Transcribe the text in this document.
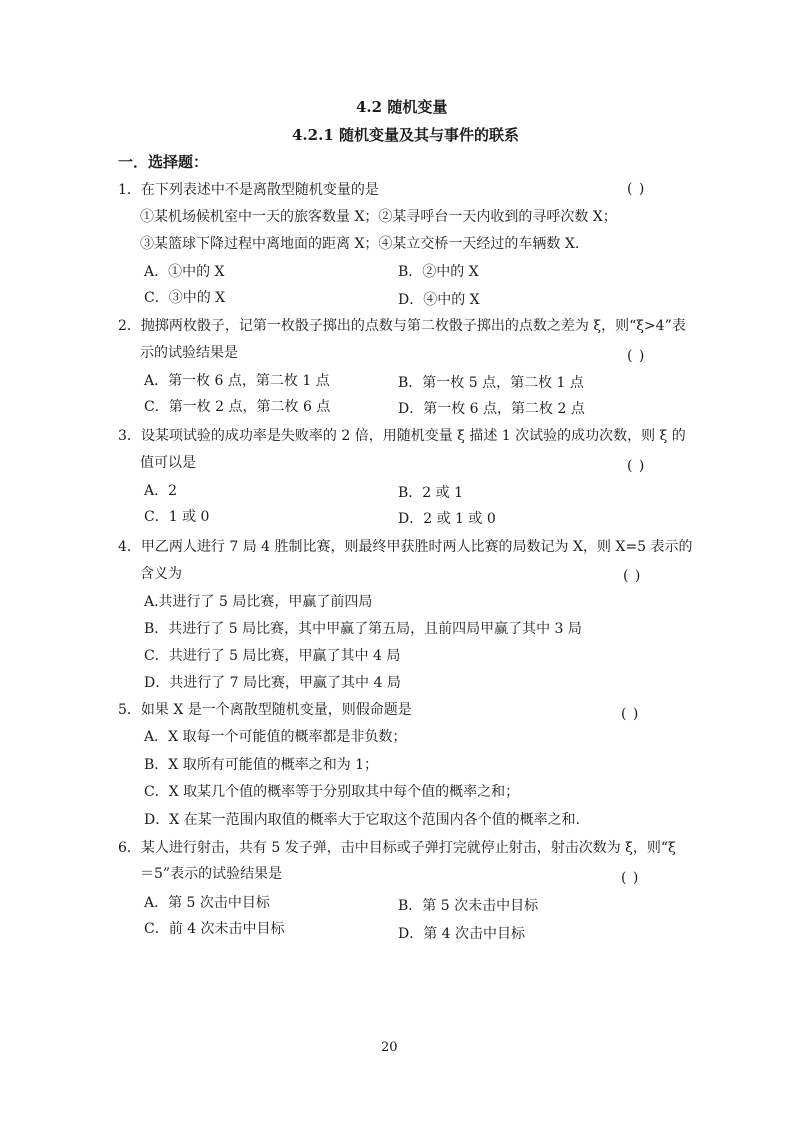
4.2 随机变量
4.2.1 随机变量及其与事件的联系
一．选择题：
1．在下列表述中不是离散型随机变量的是	( )
①某机场候机室中一天的旅客数量 X；②某寻呼台一天内收到的寻呼次数 X；
③某篮球下降过程中离地面的距离 X；④某立交桥一天经过的车辆数 X.
A．①中的 X	B．②中的 X
C．③中的 X	D．④中的 X
2．抛掷两枚骰子，记第一枚骰子掷出的点数与第二枚骰子掷出的点数之差为 ξ，则“ξ>4”表
示的试验结果是	( )
A．第一枚 6 点，第二枚 1 点	B．第一枚 5 点，第二枚 1 点
C．第一枚 2 点，第二枚 6 点	D．第一枚 6 点，第二枚 2 点
3．设某项试验的成功率是失败率的 2 倍，用随机变量 ξ 描述 1 次试验的成功次数，则 ξ 的
值可以是	( )
A．2	B．2 或 1
C．1 或 0	D．2 或 1 或 0
4．甲乙两人进行 7 局 4 胜制比赛，则最终甲获胜时两人比赛的局数记为 X，则 X=5 表示的
含义为	( )
A.共进行了 5 局比赛，甲赢了前四局
B．共进行了 5 局比赛，其中甲赢了第五局，且前四局甲赢了其中 3 局
C．共进行了 5 局比赛，甲赢了其中 4 局
D．共进行了 7 局比赛，甲赢了其中 4 局
5．如果 X 是一个离散型随机变量，则假命题是	( )
A．X 取每一个可能值的概率都是非负数；
B．X 取所有可能值的概率之和为 1；
C．X 取某几个值的概率等于分别取其中每个值的概率之和；
D．X 在某一范围内取值的概率大于它取这个范围内各个值的概率之和.
6．某人进行射击，共有 5 发子弹，击中目标或子弹打完就停止射击，射击次数为 ξ，则“ξ
＝5”表示的试验结果是	( )
A．第 5 次击中目标	B．第 5 次未击中目标
C．前 4 次未击中目标	D．第 4 次击中目标
20
